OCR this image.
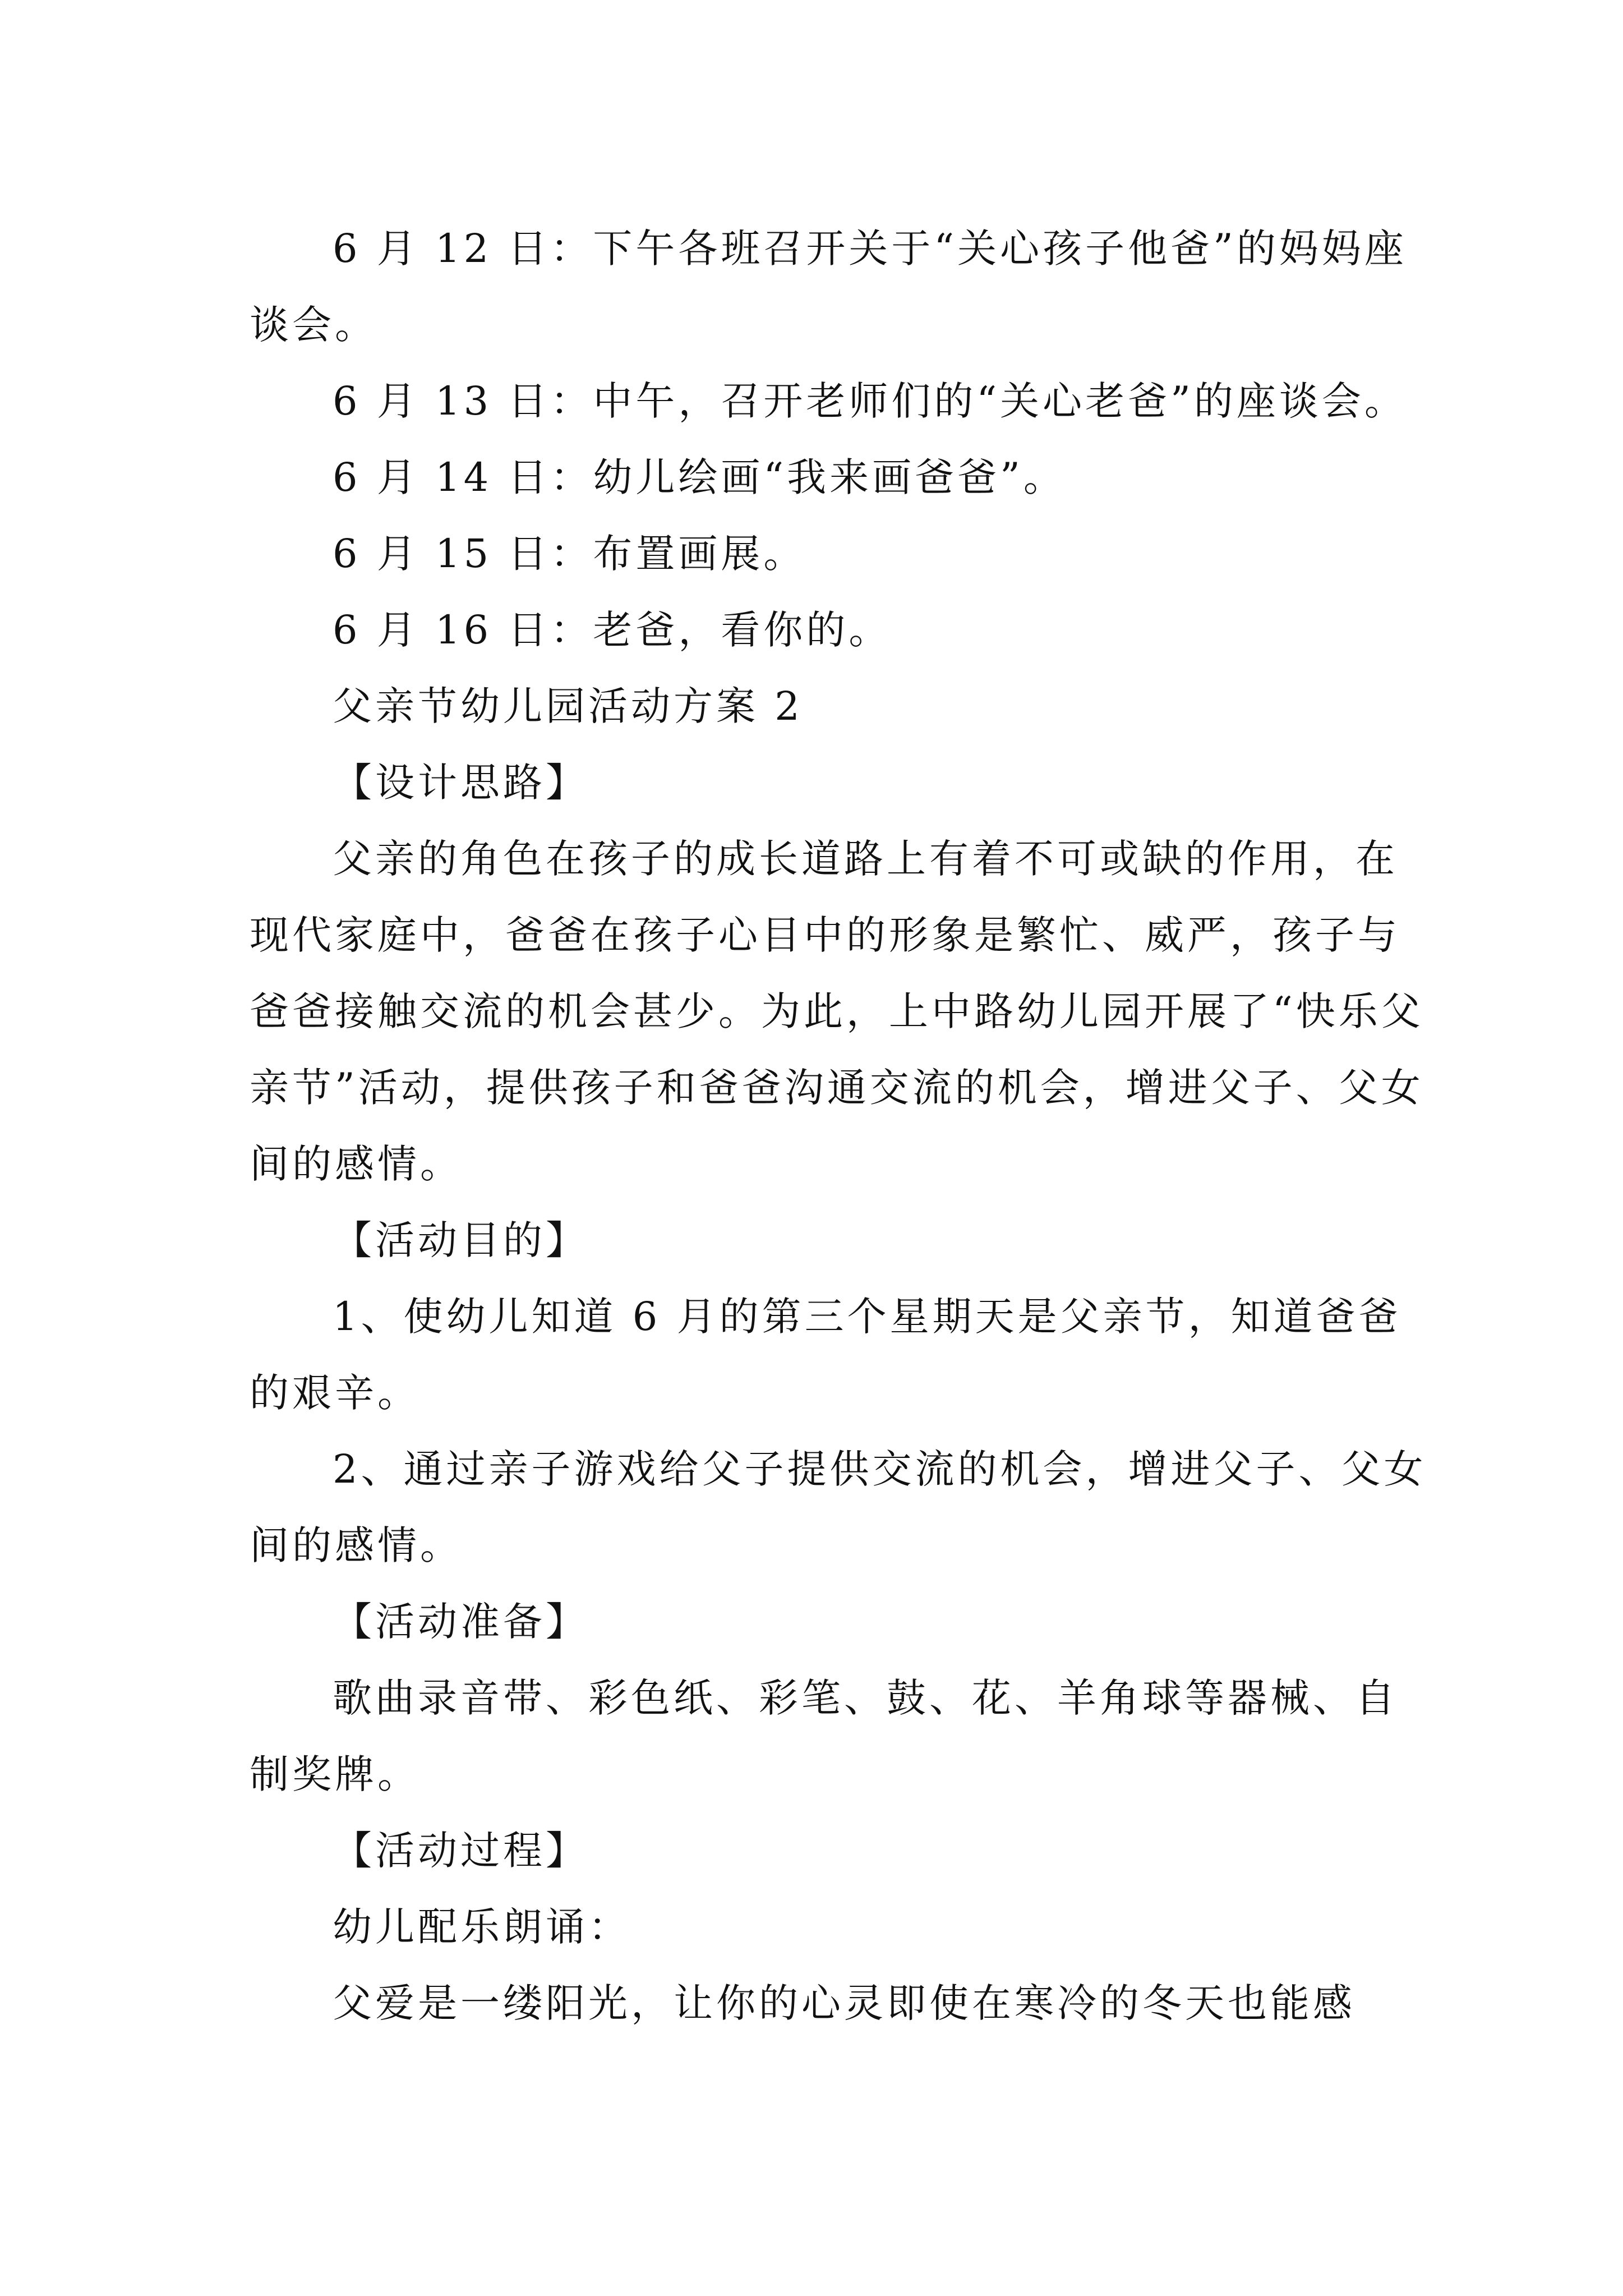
6 月 12 日：下午各班召开关于“关心孩子他爸”的妈妈座谈会。

6 月 13 日：中午，召开老师们的“关心老爸”的座谈会。

6 月 14 日：幼儿绘画“我来画爸爸”。

6 月 15 日：布置画展。

6 月 16 日：老爸，看你的。

父亲节幼儿园活动方案 2

【设计思路】

父亲的角色在孩子的成长道路上有着不可或缺的作用，在现代家庭中，爸爸在孩子心目中的形象是繁忙、威严，孩子与爸爸接触交流的机会甚少。为此，上中路幼儿园开展了“快乐父亲节”活动，提供孩子和爸爸沟通交流的机会，增进父子、父女间的感情。

【活动目的】

1、使幼儿知道 6 月的第三个星期天是父亲节，知道爸爸的艰辛。

2、通过亲子游戏给父子提供交流的机会，增进父子、父女间的感情。

【活动准备】

歌曲录音带、彩色纸、彩笔、鼓、花、羊角球等器械、自制奖牌。

【活动过程】

幼儿配乐朗诵：

父爱是一缕阳光，让你的心灵即使在寒冷的冬天也能感
